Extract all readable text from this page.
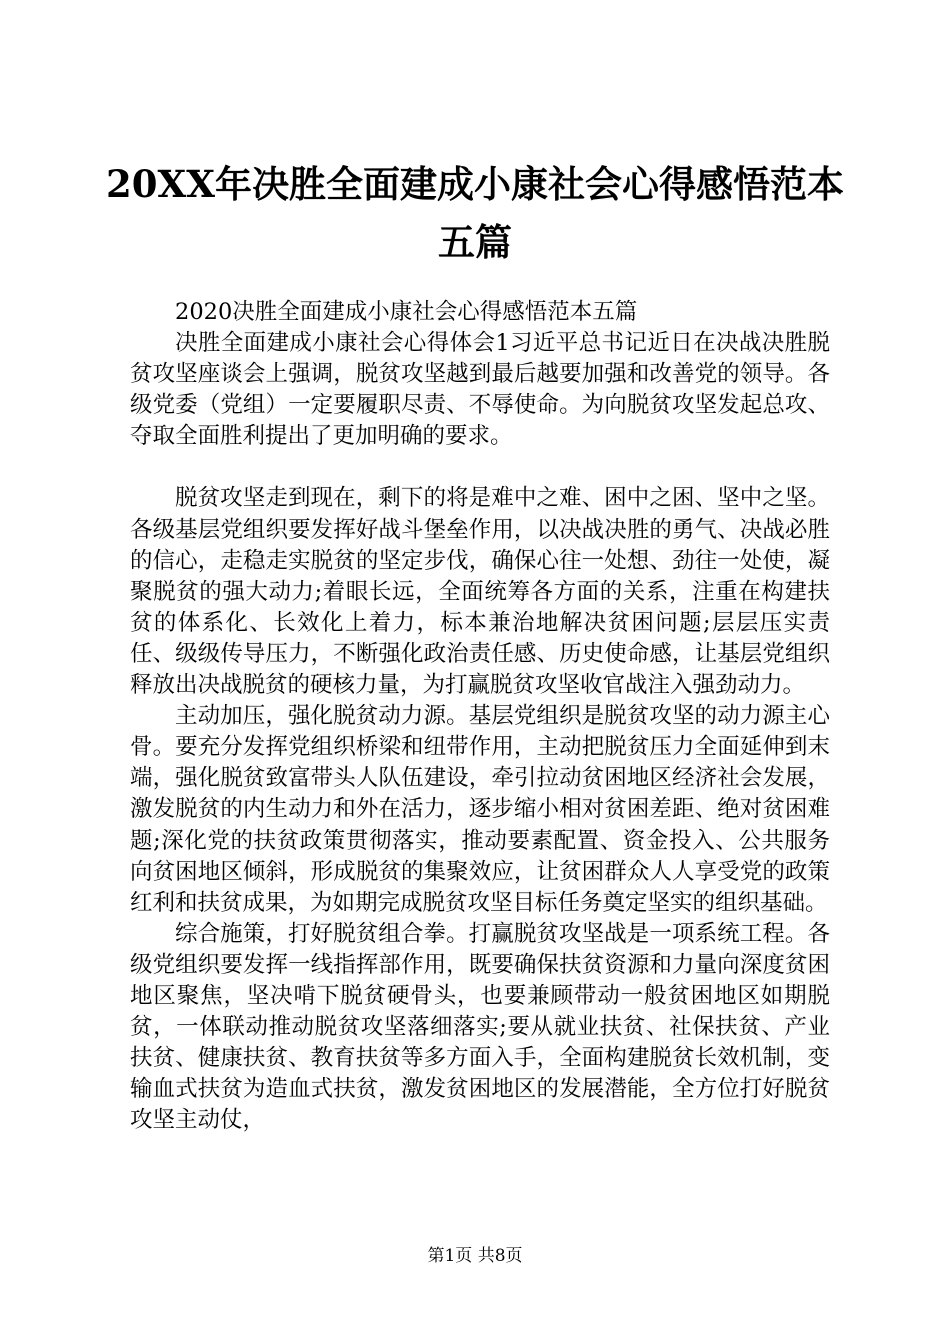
20XX年决胜全面建成小康社会心得感悟范本
五篇

2020决胜全面建成小康社会心得感悟范本五篇

决胜全面建成小康社会心得体会1习近平总书记近日在决战决胜脱贫攻坚座谈会上强调，脱贫攻坚越到最后越要加强和改善党的领导。各级党委（党组）一定要履职尽责、不辱使命。为向脱贫攻坚发起总攻、夺取全面胜利提出了更加明确的要求。

脱贫攻坚走到现在，剩下的将是难中之难、困中之困、坚中之坚。各级基层党组织要发挥好战斗堡垒作用，以决战决胜的勇气、决战必胜的信心，走稳走实脱贫的坚定步伐，确保心往一处想、劲往一处使，凝聚脱贫的强大动力;着眼长远，全面统筹各方面的关系，注重在构建扶贫的体系化、长效化上着力，标本兼治地解决贫困问题;层层压实责任、级级传导压力，不断强化政治责任感、历史使命感，让基层党组织释放出决战脱贫的硬核力量，为打赢脱贫攻坚收官战注入强劲动力。

主动加压，强化脱贫动力源。基层党组织是脱贫攻坚的动力源主心骨。要充分发挥党组织桥梁和纽带作用，主动把脱贫压力全面延伸到末端，强化脱贫致富带头人队伍建设，牵引拉动贫困地区经济社会发展，激发脱贫的内生动力和外在活力，逐步缩小相对贫困差距、绝对贫困难题;深化党的扶贫政策贯彻落实，推动要素配置、资金投入、公共服务向贫困地区倾斜，形成脱贫的集聚效应，让贫困群众人人享受党的政策红利和扶贫成果，为如期完成脱贫攻坚目标任务奠定坚实的组织基础。

综合施策，打好脱贫组合拳。打赢脱贫攻坚战是一项系统工程。各级党组织要发挥一线指挥部作用，既要确保扶贫资源和力量向深度贫困地区聚焦，坚决啃下脱贫硬骨头，也要兼顾带动一般贫困地区如期脱贫，一体联动推动脱贫攻坚落细落实;要从就业扶贫、社保扶贫、产业扶贫、健康扶贫、教育扶贫等多方面入手，全面构建脱贫长效机制，变输血式扶贫为造血式扶贫，激发贫困地区的发展潜能，全方位打好脱贫攻坚主动仗，

第1页 共8页
